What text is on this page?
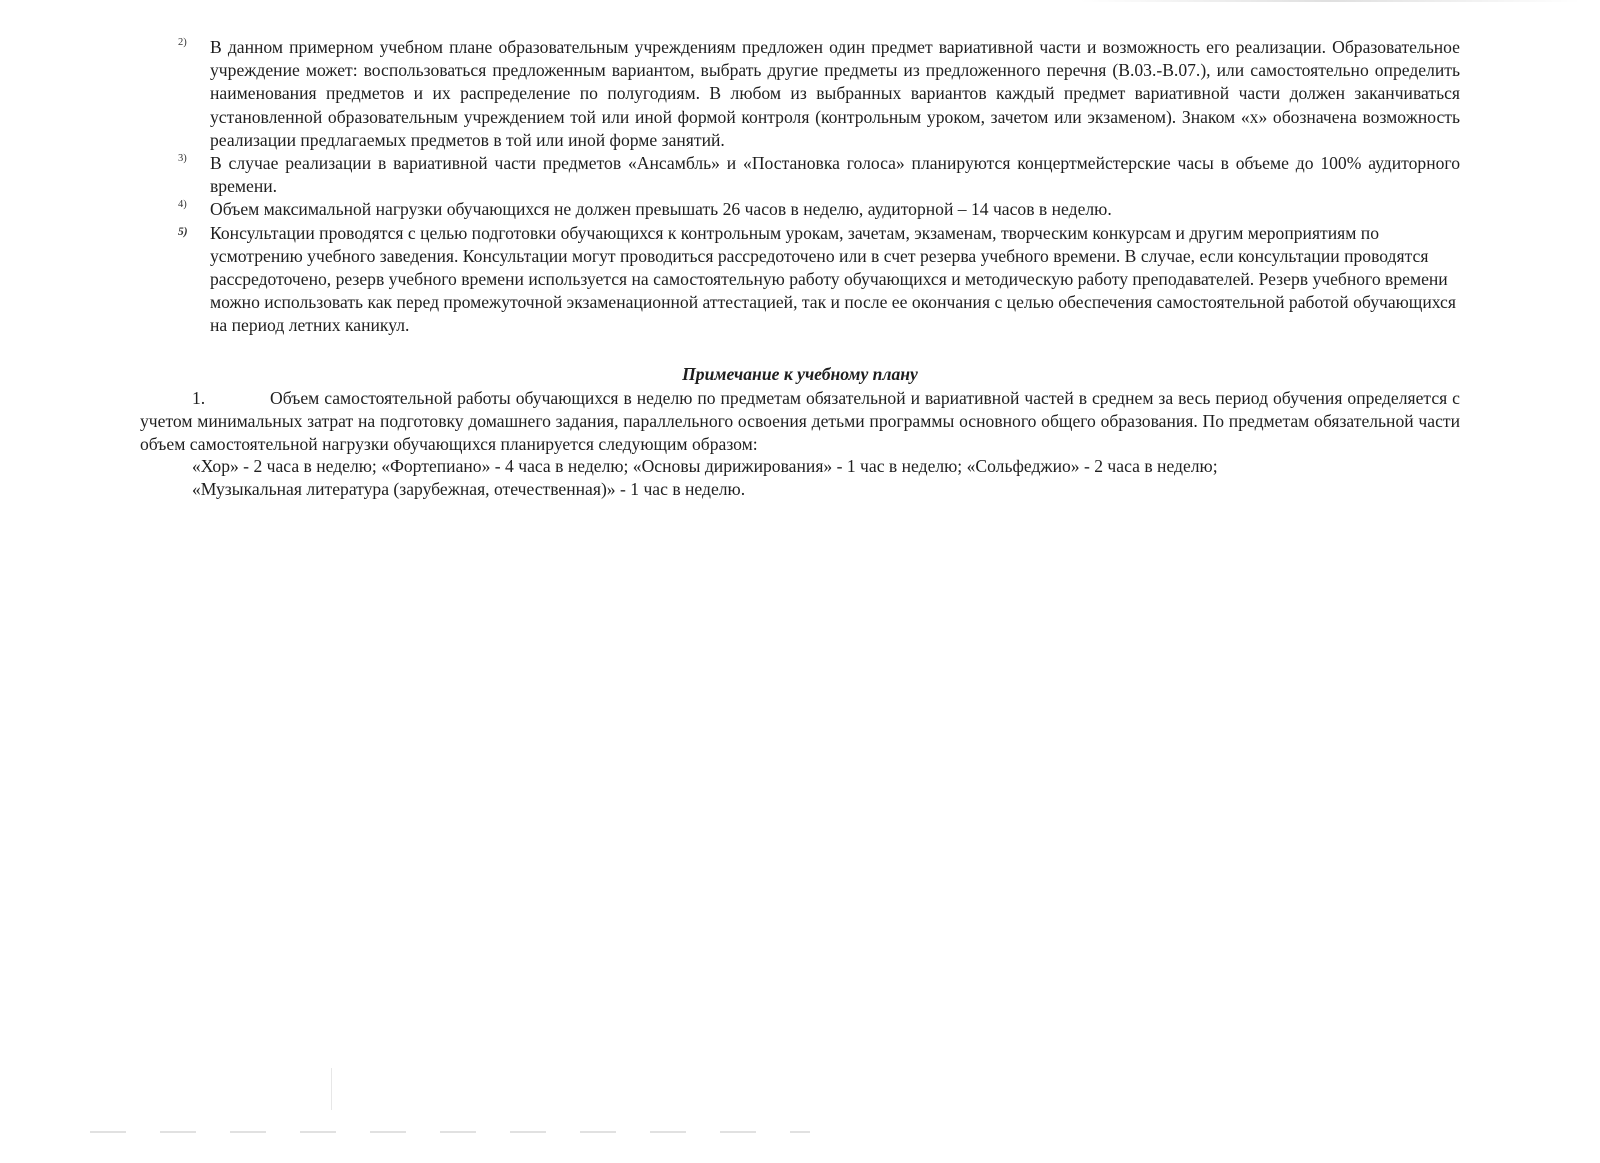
2) В данном примерном учебном плане образовательным учреждениям предложен один предмет вариативной части и возможность его реализации. Образовательное учреждение может: воспользоваться предложенным вариантом, выбрать другие предметы из предложенного перечня (В.03.-В.07.), или самостоятельно определить наименования предметов и их распределение по полугодиям. В любом из выбранных вариантов каждый предмет вариативной части должен заканчиваться установленной образовательным учреждением той или иной формой контроля (контрольным уроком, зачетом или экзаменом). Знаком «х» обозначена возможность реализации предлагаемых предметов в той или иной форме занятий.
3) В случае реализации в вариативной части предметов «Ансамбль» и «Постановка голоса» планируются концертмейстерские часы в объеме до 100% аудиторного времени.
4) Объем максимальной нагрузки обучающихся не должен превышать 26 часов в неделю, аудиторной – 14 часов в неделю.
5) Консультации проводятся с целью подготовки обучающихся к контрольным урокам, зачетам, экзаменам, творческим конкурсам и другим мероприятиям по усмотрению учебного заведения. Консультации могут проводиться рассредоточено или в счет резерва учебного времени. В случае, если консультации проводятся рассредоточено, резерв учебного времени используется на самостоятельную работу обучающихся и методическую работу преподавателей. Резерв учебного времени можно использовать как перед промежуточной экзаменационной аттестацией, так и после ее окончания с целью обеспечения самостоятельной работой обучающихся на период летних каникул.
Примечание к учебному плану
1.	Объем самостоятельной работы обучающихся в неделю по предметам обязательной и вариативной частей в среднем за весь период обучения определяется с учетом минимальных затрат на подготовку домашнего задания, параллельного освоения детьми программы основного общего образования. По предметам обязательной части объем самостоятельной нагрузки обучающихся планируется следующим образом:
«Хор» - 2 часа в неделю; «Фортепиано» - 4 часа в неделю; «Основы дирижирования» - 1 час в неделю; «Сольфеджио» - 2 часа в неделю;
«Музыкальная литература (зарубежная, отечественная)» - 1 час в неделю.
